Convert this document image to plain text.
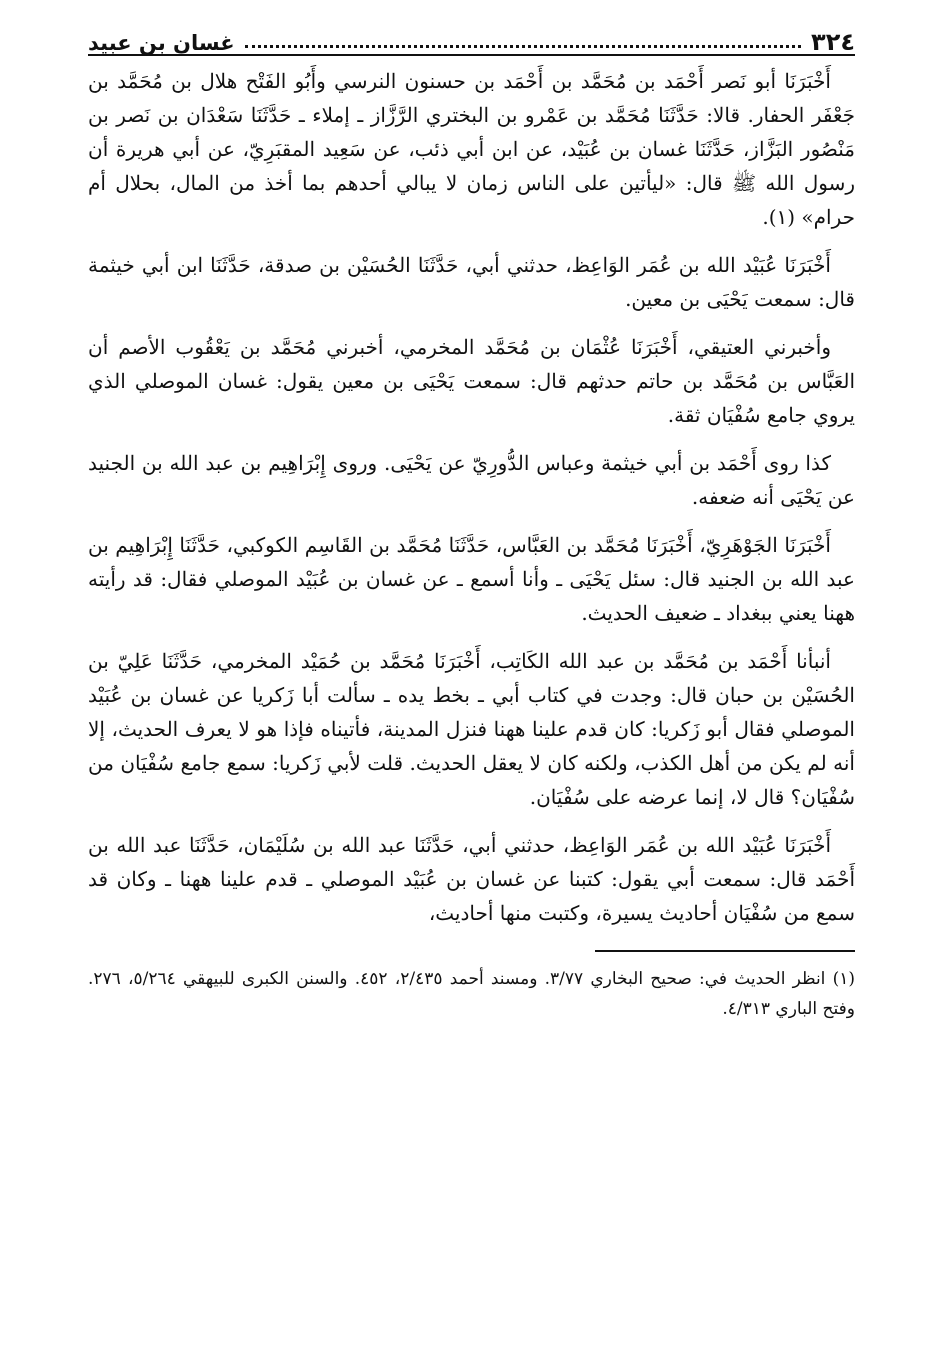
٣٢٤
غسان بن عبيد

أَخْبَرَنَا أبو نَصر أَحْمَد بن مُحَمَّد بن أَحْمَد بن حسنون النرسي وأَبُو الفَتْح هلال بن مُحَمَّد بن جَعْفَر الحفار. قالا: حَدَّثَنَا مُحَمَّد بن عَمْرو بن البختري الرَّزَّاز ـ إملاء ـ حَدَّثَنَا سَعْدَان بن نَصر بن مَنْصُور البَزَّاز، حَدَّثَنَا غسان بن عُبَيْد، عن ابن أبي ذئب، عن سَعِيد المقبَرِيّ، عن أبي هريرة أن رسول الله ﷺ قال: «ليأتين على الناس زمان لا يبالي أحدهم بما أخذ من المال، بحلال أم حرام» (١).

أَخْبَرَنَا عُبَيْد الله بن عُمَر الوَاعِظ، حدثني أبي، حَدَّثَنَا الحُسَيْن بن صدقة، حَدَّثَنَا ابن أبي خيثمة قال: سمعت يَحْيَى بن معين.

وأخبرني العتيقي، أَخْبَرَنَا عُثْمَان بن مُحَمَّد المخرمي، أخبرني مُحَمَّد بن يَعْقُوب الأصم أن العَبَّاس بن مُحَمَّد بن حاتم حدثهم قال: سمعت يَحْيَى بن معين يقول: غسان الموصلي الذي يروي جامع سُفْيَان ثقة.

كذا روى أَحْمَد بن أبي خيثمة وعباس الدُّورِيّ عن يَحْيَى. وروى إِبْرَاهِيم بن عبد الله بن الجنيد عن يَحْيَى أنه ضعفه.

أَخْبَرَنَا الجَوْهَرِيّ، أَخْبَرَنَا مُحَمَّد بن العَبَّاس، حَدَّثَنَا مُحَمَّد بن القَاسِم الكوكبي، حَدَّثَنَا إِبْرَاهِيم بن عبد الله بن الجنيد قال: سئل يَحْيَى ـ وأنا أسمع ـ عن غسان بن عُبَيْد الموصلي فقال: قد رأيته ههنا يعني ببغداد ـ ضعيف الحديث.

أنبأنا أَحْمَد بن مُحَمَّد بن عبد الله الكَاتِب، أَخْبَرَنَا مُحَمَّد بن حُمَيْد المخرمي، حَدَّثَنَا عَلِيّ بن الحُسَيْن بن حبان قال: وجدت في كتاب أبي ـ بخط يده ـ سألت أبا زَكريا عن غسان بن عُبَيْد الموصلي فقال أبو زَكريا: كان قدم علينا ههنا فنزل المدينة، فأتيناه فإذا هو لا يعرف الحديث، إلا أنه لم يكن من أهل الكذب، ولكنه كان لا يعقل الحديث. قلت لأبي زَكريا: سمع جامع سُفْيَان من سُفْيَان؟ قال لا، إنما عرضه على سُفْيَان.

أَخْبَرَنَا عُبَيْد الله بن عُمَر الوَاعِظ، حدثني أبي، حَدَّثَنَا عبد الله بن سُلَيْمَان، حَدَّثَنَا عبد الله بن أَحْمَد قال: سمعت أبي يقول: كتبنا عن غسان بن عُبَيْد الموصلي ـ قدم علينا ههنا ـ وكان قد سمع من سُفْيَان أحاديث يسيرة، وكتبت منها أحاديث،

(١) انظر الحديث في: صحيح البخاري ٣/٧٧. ومسند أحمد ٢/٤٣٥، ٤٥٢. والسنن الكبرى للبيهقي ٥/٢٦٤، ٢٧٦. وفتح الباري ٤/٣١٣.
